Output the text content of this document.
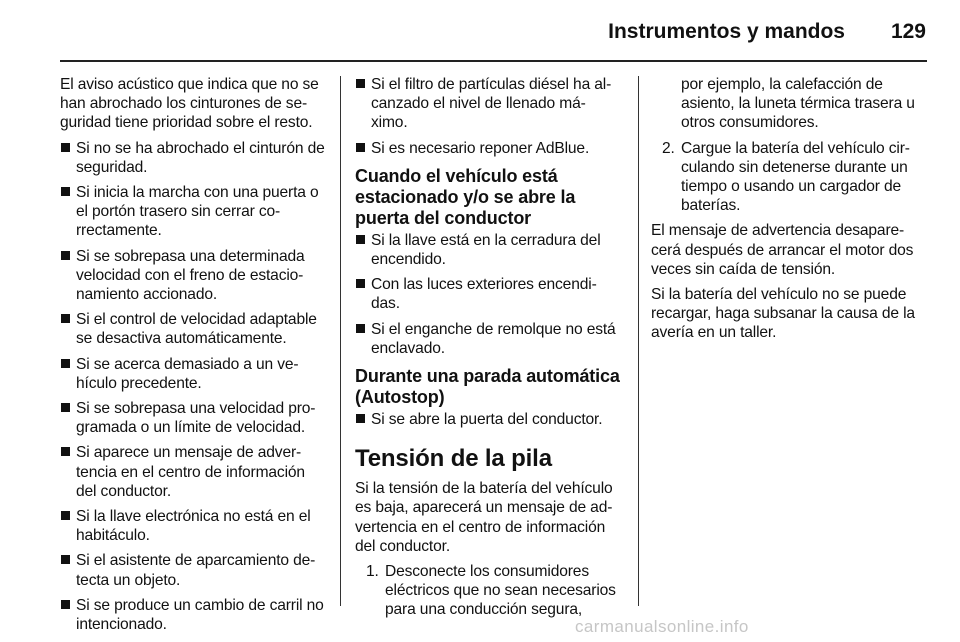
Instrumentos y mandos	129

El aviso acústico que indica que no se han abrochado los cinturones de se- guridad tiene prioridad sobre el resto.

Si no se ha abrochado el cinturón de seguridad.
Si inicia la marcha con una puerta o el portón trasero sin cerrar co- rrectamente.
Si se sobrepasa una determinada velocidad con el freno de estacio- namiento accionado.
Si el control de velocidad adaptable se desactiva automáticamente.
Si se acerca demasiado a un ve- hículo precedente.
Si se sobrepasa una velocidad pro- gramada o un límite de velocidad.
Si aparece un mensaje de adver- tencia en el centro de información del conductor.
Si la llave electrónica no está en el habitáculo.
Si el asistente de aparcamiento de- tecta un objeto.
Si se produce un cambio de carril no intencionado.
Si el filtro de partículas diésel ha al- canzado el nivel de llenado má- ximo.
Si es necesario reponer AdBlue.
Cuando el vehículo está estacionado y/o se abre la puerta del conductor
Si la llave está en la cerradura del encendido.
Con las luces exteriores encendi- das.
Si el enganche de remolque no está enclavado.
Durante una parada automática (Autostop)
Si se abre la puerta del conductor.
Tensión de la pila

Si la tensión de la batería del vehículo es baja, aparecerá un mensaje de ad- vertencia en el centro de información del conductor.

1. Desconecte los consumidores eléctricos que no sean necesarios para una conducción segura,

por ejemplo, la calefacción de asiento, la luneta térmica trasera u otros consumidores.

2. Cargue la batería del vehículo cir- culando sin detenerse durante un tiempo o usando un cargador de baterías.

El mensaje de advertencia desapare- cerá después de arrancar el motor dos veces sin caída de tensión.

Si la batería del vehículo no se puede recargar, haga subsanar la causa de la avería en un taller.

carmanualsonline.info
